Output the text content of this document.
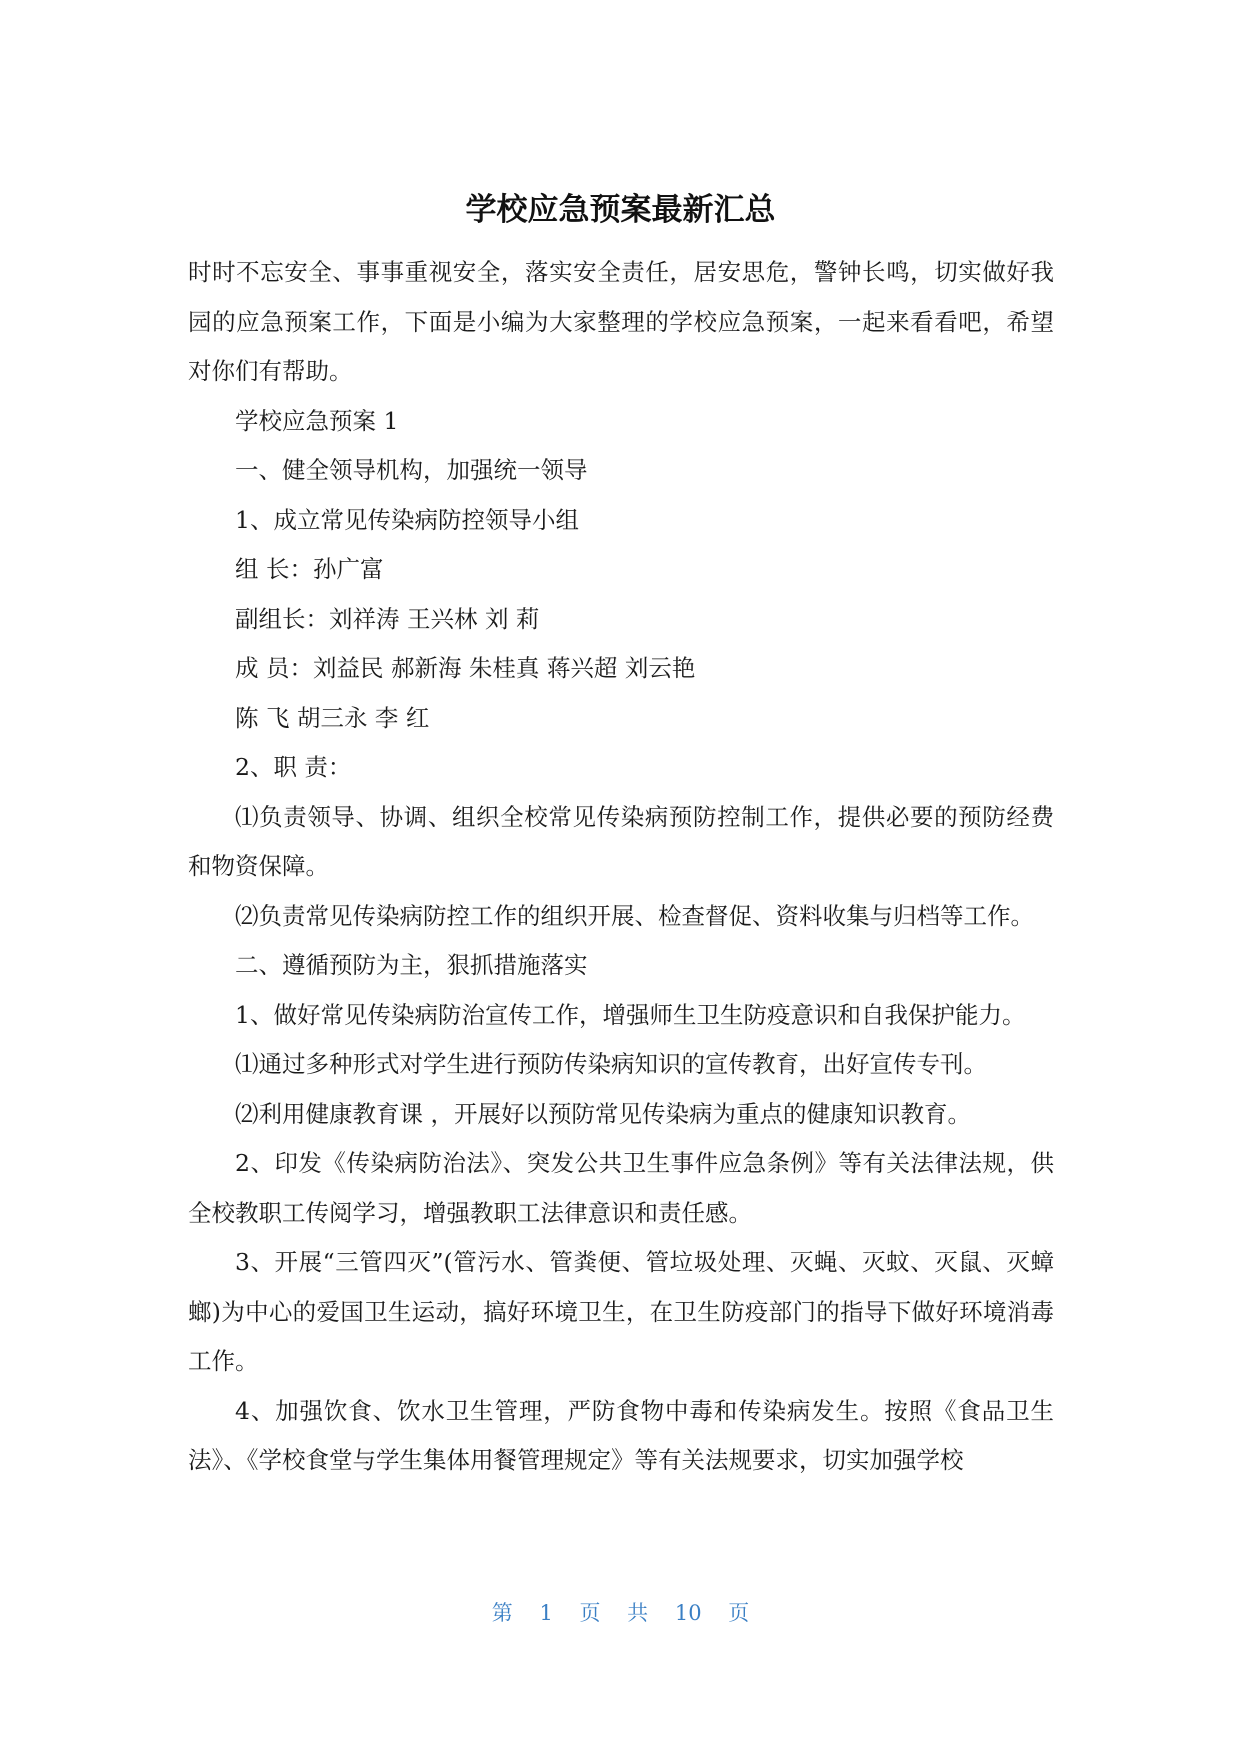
学校应急预案最新汇总

时时不忘安全、事事重视安全，落实安全责任，居安思危，警钟长鸣，切实做好我园的应急预案工作，下面是小编为大家整理的学校应急预案，一起来看看吧，希望对你们有帮助。

学校应急预案 1

一、健全领导机构，加强统一领导

1、成立常见传染病防控领导小组

组 长：孙广富

副组长：刘祥涛 王兴林 刘 莉

成 员：刘益民 郝新海 朱桂真 蒋兴超 刘云艳

陈 飞 胡三永 李 红

2、职 责：

⑴负责领导、协调、组织全校常见传染病预防控制工作，提供必要的预防经费和物资保障。

⑵负责常见传染病防控工作的组织开展、检查督促、资料收集与归档等工作。

二、遵循预防为主，狠抓措施落实

1、做好常见传染病防治宣传工作，增强师生卫生防疫意识和自我保护能力。

⑴通过多种形式对学生进行预防传染病知识的宣传教育，出好宣传专刊。

⑵利用健康教育课 ，开展好以预防常见传染病为重点的健康知识教育。

2、印发《传染病防治法》、突发公共卫生事件应急条例》等有关法律法规，供全校教职工传阅学习，增强教职工法律意识和责任感。

3、开展“三管四灭”(管污水、管粪便、管垃圾处理、灭蝇、灭蚊、灭鼠、灭蟑螂)为中心的爱国卫生运动，搞好环境卫生，在卫生防疫部门的指导下做好环境消毒工作。

4、加强饮食、饮水卫生管理，严防食物中毒和传染病发生。按照《食品卫生法》、《学校食堂与学生集体用餐管理规定》等有关法规要求，切实加强学校

第 1 页 共 10 页
